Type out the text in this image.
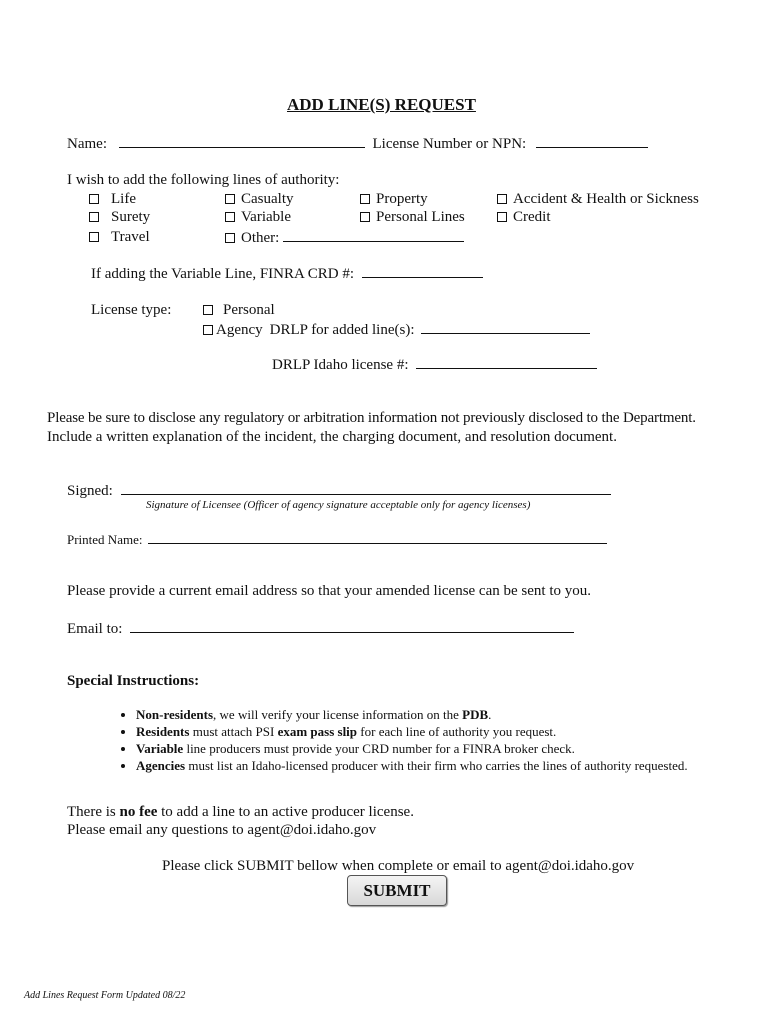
ADD LINE(S) REQUEST
Name:	License Number or NPN:
I wish to add the following lines of authority:
Life
Surety
Travel
Casualty
Variable
Other:
Property
Personal Lines
Accident & Health or Sickness
Credit
If adding the Variable Line, FINRA CRD #:
License type:	Personal
Agency DRLP for added line(s):
DRLP Idaho license #:
Please be sure to disclose any regulatory or arbitration information not previously disclosed to the Department.
Include a written explanation of the incident, the charging document, and resolution document.
Signed:
Signature of Licensee (Officer of agency signature acceptable only for agency licenses)
Printed Name:
Please provide a current email address so that your amended license can be sent to you.
Email to:
Special Instructions:
• Non-residents, we will verify your license information on the PDB.
• Residents must attach PSI exam pass slip for each line of authority you request.
• Variable line producers must provide your CRD number for a FINRA broker check.
• Agencies must list an Idaho-licensed producer with their firm who carries the lines of authority requested.
There is no fee to add a line to an active producer license.
Please email any questions to agent@doi.idaho.gov
Please click SUBMIT bellow when complete or email to agent@doi.idaho.gov
SUBMIT
Add Lines Request Form Updated 08/22
